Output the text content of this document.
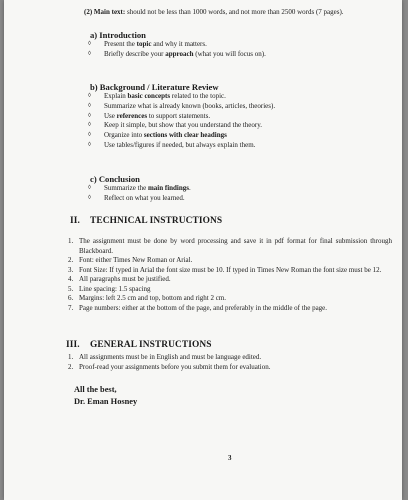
(2) Main text: should not be less than 1000 words, and not more than 2500 words (7 pages).
a) Introduction
◊ Present the topic and why it matters.
◊ Briefly describe your approach (what you will focus on).
b) Background / Literature Review
◊ Explain basic concepts related to the topic.
◊ Summarize what is already known (books, articles, theories).
◊ Use references to support statements.
◊ Keep it simple, but show that you understand the theory.
◊ Organize into sections with clear headings
◊ Use tables/figures if needed, but always explain them.
c) Conclusion
◊ Summarize the main findings.
◊ Reflect on what you learned.
II. TECHNICAL INSTRUCTIONS
1. The assignment must be done by word processing and save it in pdf format for final submission through Blackboard.
2. Font: either Times New Roman or Arial.
3. Font Size: If typed in Arial the font size must be 10. If typed in Times New Roman the font size must be 12.
4. All paragraphs must be justified.
5. Line spacing: 1.5 spacing
6. Margins: left 2.5 cm and top, bottom and right 2 cm.
7. Page numbers: either at the bottom of the page, and preferably in the middle of the page.
III. GENERAL INSTRUCTIONS
1. All assignments must be in English and must be language edited.
2. Proof-read your assignments before you submit them for evaluation.
All the best,
Dr. Eman Hosney
3
